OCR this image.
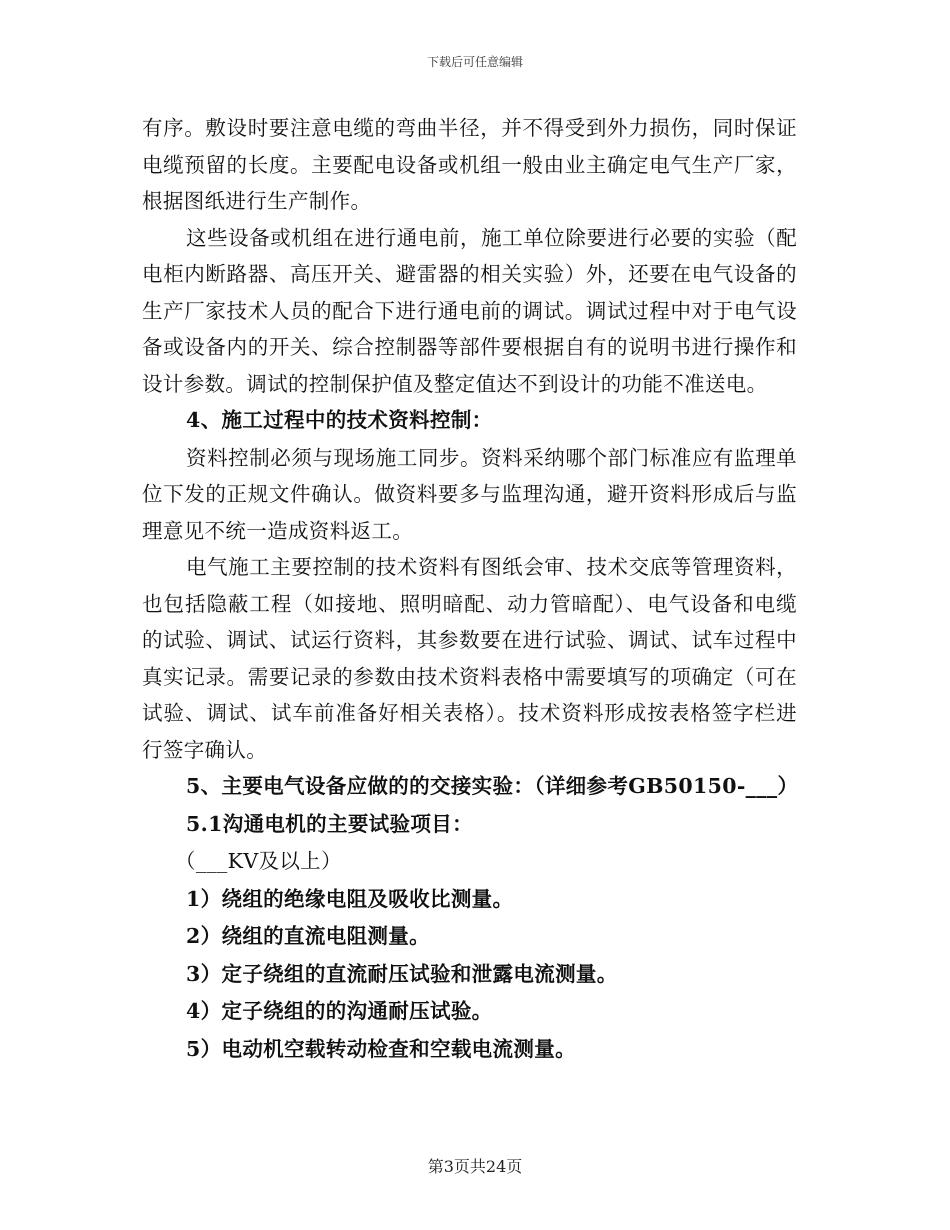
下载后可任意编辑

有序。敷设时要注意电缆的弯曲半径，并不得受到外力损伤，同时保证电缆预留的长度。主要配电设备或机组一般由业主确定电气生产厂家，根据图纸进行生产制作。

这些设备或机组在进行通电前，施工单位除要进行必要的实验（配电柜内断路器、高压开关、避雷器的相关实验）外，还要在电气设备的生产厂家技术人员的配合下进行通电前的调试。调试过程中对于电气设备或设备内的开关、综合控制器等部件要根据自有的说明书进行操作和设计参数。调试的控制保护值及整定值达不到设计的功能不准送电。

4、施工过程中的技术资料控制：

资料控制必须与现场施工同步。资料采纳哪个部门标准应有监理单位下发的正规文件确认。做资料要多与监理沟通，避开资料形成后与监理意见不统一造成资料返工。

电气施工主要控制的技术资料有图纸会审、技术交底等管理资料，也包括隐蔽工程（如接地、照明暗配、动力管暗配）、电气设备和电缆的试验、调试、试运行资料，其参数要在进行试验、调试、试车过程中真实记录。需要记录的参数由技术资料表格中需要填写的项确定（可在试验、调试、试车前准备好相关表格）。技术资料形成按表格签字栏进行签字确认。

5、主要电气设备应做的的交接实验：（详细参考GB50150-___）

5.1沟通电机的主要试验项目：

（___KV及以上）

1）绕组的绝缘电阻及吸收比测量。

2）绕组的直流电阻测量。

3）定子绕组的直流耐压试验和泄露电流测量。

4）定子绕组的的沟通耐压试验。

5）电动机空载转动检查和空载电流测量。

第3页共24页
